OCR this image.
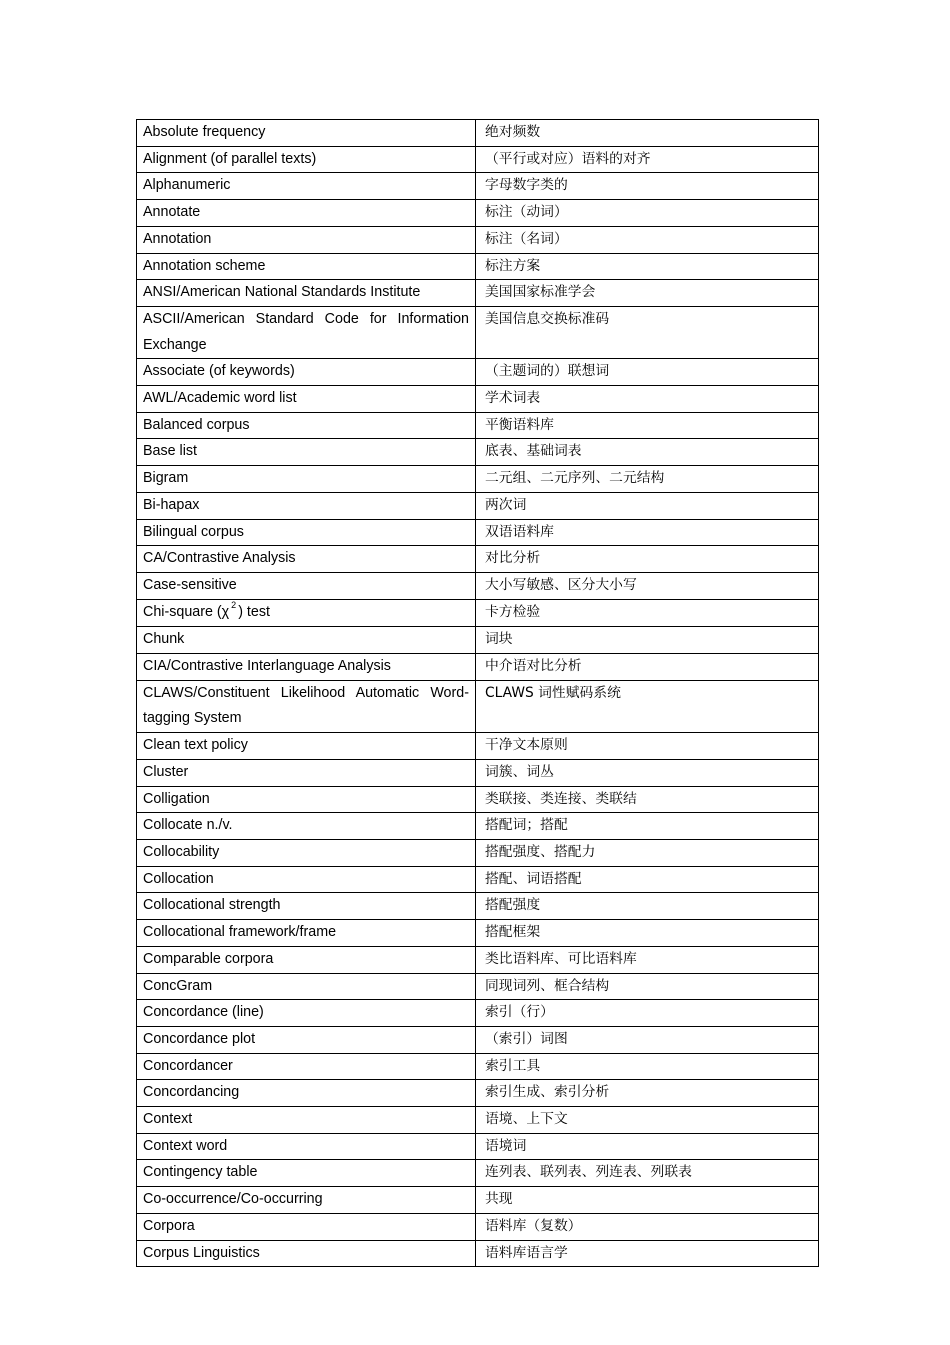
Absolute frequency	绝对频数
Alignment (of parallel texts)	（平行或对应）语料的对齐
Alphanumeric	字母数字类的
Annotate	标注（动词）
Annotation	标注（名词）
Annotation scheme	标注方案
ANSI/American National Standards Institute	美国国家标准学会
ASCII/American Standard Code for Information Exchange	美国信息交换标准码
Associate (of keywords)	（主题词的）联想词
AWL/Academic word list	学术词表
Balanced corpus	平衡语料库
Base list	底表、基础词表
Bigram	二元组、二元序列、二元结构
Bi-hapax	两次词
Bilingual corpus	双语语料库
CA/Contrastive Analysis	对比分析
Case-sensitive	大小写敏感、区分大小写
Chi-square (χ $^2$ ) test	卡方检验
Chunk	词块
CIA/Contrastive Interlanguage Analysis	中介语对比分析
CLAWS/Constituent Likelihood Automatic Word-tagging System	CLAWS 词性赋码系统
Clean text policy	干净文本原则
Cluster	词簇、词丛
Colligation	类联接、类连接、类联结
Collocate n./v.	搭配词；搭配
Collocability	搭配强度、搭配力
Collocation	搭配、词语搭配
Collocational strength	搭配强度
Collocational framework/frame	搭配框架
Comparable corpora	类比语料库、可比语料库
ConcGram	同现词列、框合结构
Concordance (line)	索引（行）
Concordance plot	（索引）词图
Concordancer	索引工具
Concordancing	索引生成、索引分析
Context	语境、上下文
Context word	语境词
Contingency table	连列表、联列表、列连表、列联表
Co-occurrence/Co-occurring	共现
Corpora	语料库（复数）
Corpus Linguistics	语料库语言学
